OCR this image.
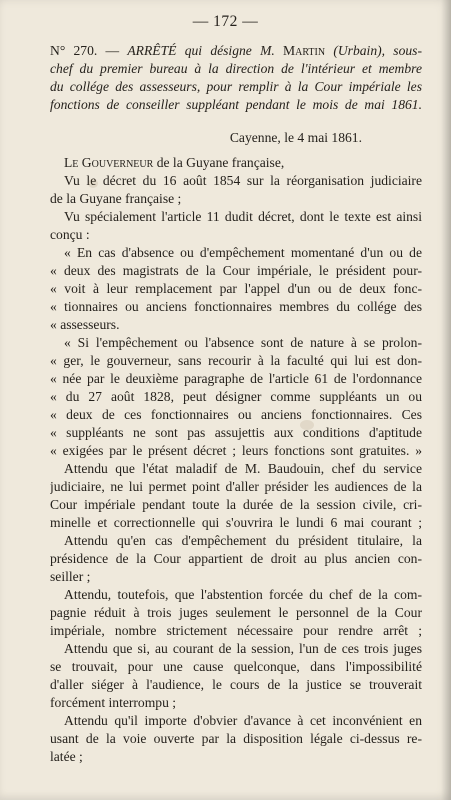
— 172 —
N° 270. — ARRÊTÉ qui désigne M. Martin (Urbain), sous-
chef du premier bureau à la direction de l'intérieur et membre
du collége des assesseurs, pour remplir à la Cour impériale les
fonctions de conseiller suppléant pendant le mois de mai 1861.
Cayenne, le 4 mai 1861.
Le Gouverneur de la Guyane française,
Vu le décret du 16 août 1854 sur la réorganisation judiciaire
de la Guyane française ;
Vu spécialement l'article 11 dudit décret, dont le texte est ainsi
conçu :
« En cas d'absence ou d'empêchement momentané d'un ou de
« deux des magistrats de la Cour impériale, le président pour-
« voit à leur remplacement par l'appel d'un ou de deux fonc-
« tionnaires ou anciens fonctionnaires membres du collége des
« assesseurs.
« Si l'empêchement ou l'absence sont de nature à se prolon-
« ger, le gouverneur, sans recourir à la faculté qui lui est don-
« née par le deuxième paragraphe de l'article 61 de l'ordonnance
« du 27 août 1828, peut désigner comme suppléants un ou
« deux de ces fonctionnaires ou anciens fonctionnaires. Ces
« suppléants ne sont pas assujettis aux conditions d'aptitude
« exigées par le présent décret ; leurs fonctions sont gratuites. »
Attendu que l'état maladif de M. Baudouin, chef du service
judiciaire, ne lui permet point d'aller présider les audiences de la
Cour impériale pendant toute la durée de la session civile, cri-
minelle et correctionnelle qui s'ouvrira le lundi 6 mai courant ;
Attendu qu'en cas d'empêchement du président titulaire, la
présidence de la Cour appartient de droit au plus ancien con-
seiller ;
Attendu, toutefois, que l'abstention forcée du chef de la com-
pagnie réduit à trois juges seulement le personnel de la Cour
impériale, nombre strictement nécessaire pour rendre arrêt ;
Attendu que si, au courant de la session, l'un de ces trois juges
se trouvait, pour une cause quelconque, dans l'impossibilité
d'aller siéger à l'audience, le cours de la justice se trouverait
forcément interrompu ;
Attendu qu'il importe d'obvier d'avance à cet inconvénient en
usant de la voie ouverte par la disposition légale ci-dessus re-
latée ;
